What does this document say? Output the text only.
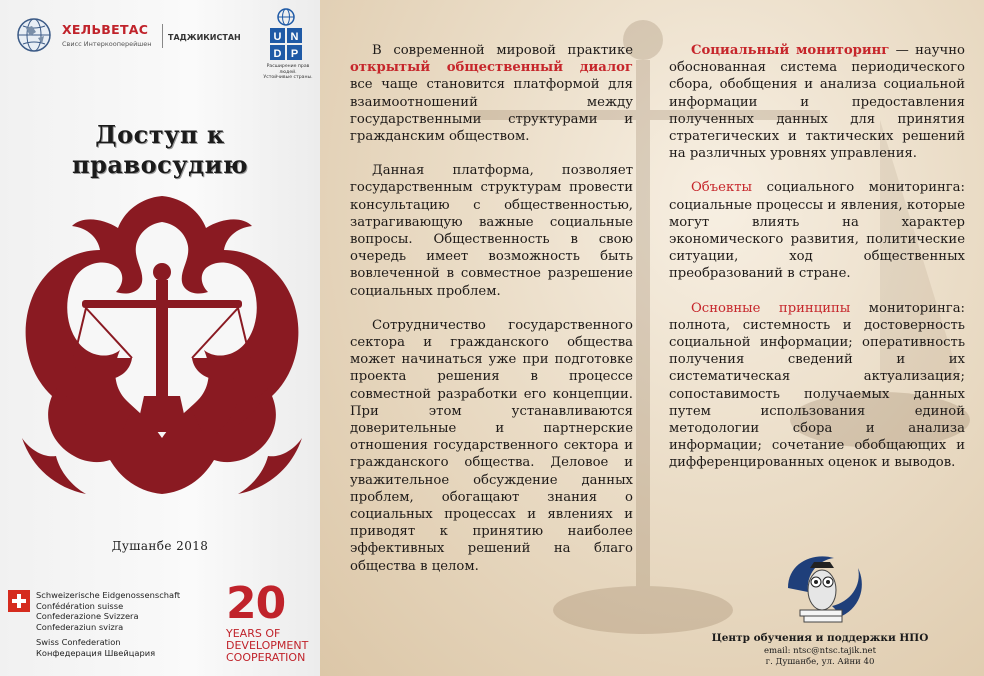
ХЕЛЬВЕТАС
Свисс Интеркооперейшен
ТАДЖИКИСТАН	U N
D P
Расширение прав людей.
Устойчивые страны.
Доступ к
правосудию
Душанбе 2018
Schweizerische Eidgenossenschaft
Confédération suisse
Confederazione Svizzera
Confederaziun svizra
Swiss Confederation
Конфедерация Швейцария
20
YEARS OF
DEVELOPMENT
COOPERATION

В современной мировой практике открытый общественный диалог все чаще становится платформой для взаимоотношений между государственными структурами и гражданским обществом.

Данная платформа, позволяет государственным структурам провести консультацию с общественностью, затрагивающую важные социальные вопросы. Общественность в свою очередь имеет возможность быть вовлеченной в совместное разрешение социальных проблем.

Сотрудничество государственного сектора и гражданского общества может начинаться уже при подготовке проекта решения в процессе совместной разработки его концепции. При этом устанавливаются доверительные и партнерские отношения государственного сектора и гражданского общества. Деловое и уважительное обсуждение данных проблем, обогащают знания о социальных процессах и явлениях и приводят к принятию наиболее эффективных решений на благо общества в целом.

Социальный мониторинг — научно обоснованная система периодического сбора, обобщения и анализа социальной информации и предоставления полученных данных для принятия стратегических и тактических решений на различных уровнях управления.

Объекты социального мониторинга: социальные процессы и явления, которые могут влиять на характер экономического развития, политические ситуации, ход общественных преобразований в стране.

Основные принципы мониторинга: полнота, системность и достоверность социальной информации; оперативность получения сведений и их систематическая актуализация; сопоставимость получаемых данных путем использования единой методологии сбора и анализа информации; сочетание обобщающих и дифференцированных оценок и выводов.

Центр обучения и поддержки НПО
email: ntsc@ntsc.tajik.net
г. Душанбе, ул. Айни 40
